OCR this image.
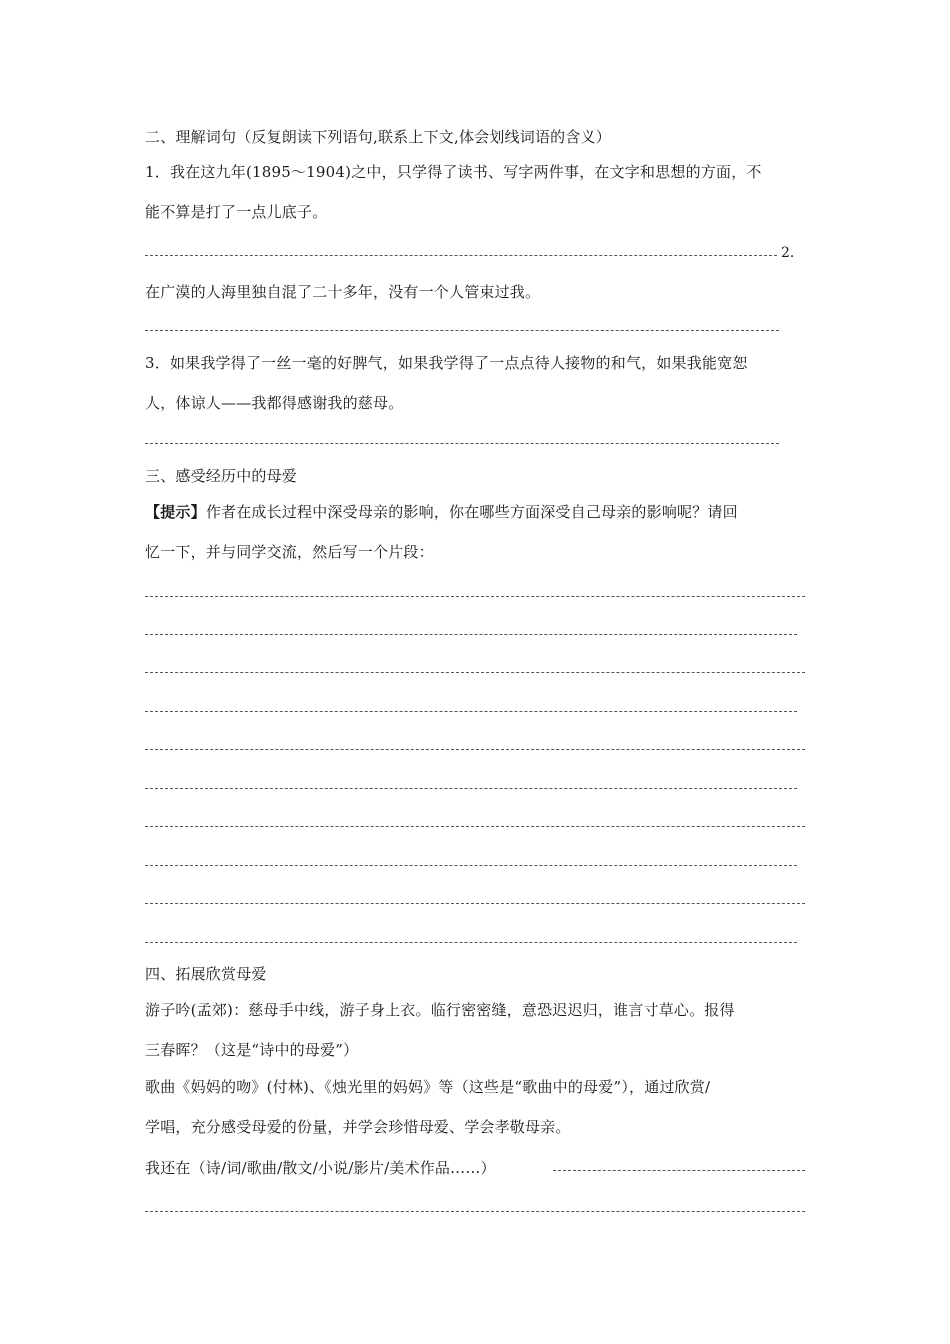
二、理解词句（反复朗读下列语句,联系上下文,体会划线词语的含义）
1．我在这九年(1895～1904)之中，只学得了读书、写字两件事，在文字和思想的方面，不
能不算是打了一点儿底子。
2．
在广漠的人海里独自混了二十多年，没有一个人管束过我。
3．如果我学得了一丝一毫的好脾气，如果我学得了一点点待人接物的和气，如果我能宽恕
人，体谅人——我都得感谢我的慈母。
三、感受经历中的母爱
【提示】作者在成长过程中深受母亲的影响，你在哪些方面深受自己母亲的影响呢？请回
忆一下，并与同学交流，然后写一个片段：
四、拓展欣赏母爱
游子吟(孟郊)：慈母手中线，游子身上衣。临行密密缝，意恐迟迟归，谁言寸草心。报得
三春晖？（这是“诗中的母爱”）
歌曲《妈妈的吻》(付林)、《烛光里的妈妈》等（这些是“歌曲中的母爱”），通过欣赏/
学唱，充分感受母爱的份量，并学会珍惜母爱、学会孝敬母亲。
我还在（诗/词/歌曲/散文/小说/影片/美术作品……）
